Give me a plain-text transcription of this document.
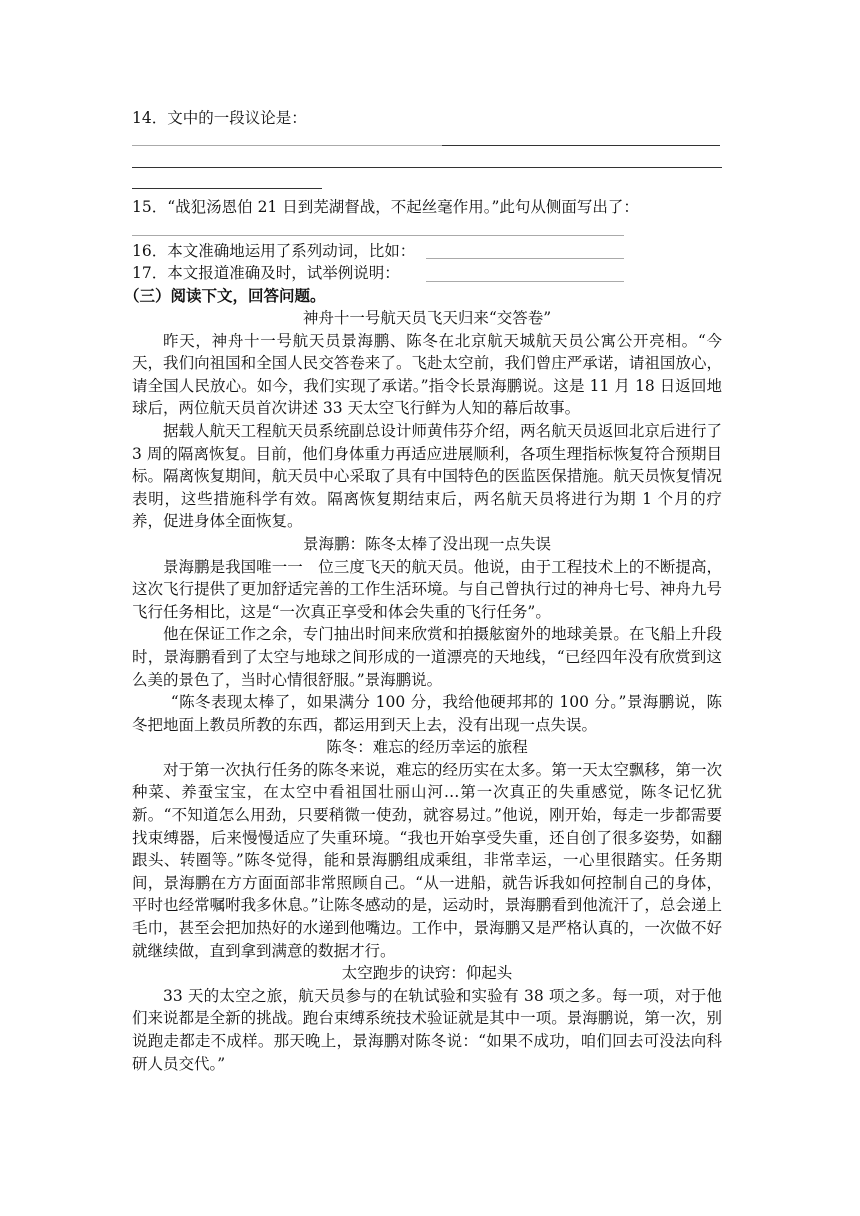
14．文中的一段议论是：
15．“战犯汤恩伯 21 日到芜湖督战，不起丝毫作用。”此句从侧面写出了：
16．本文准确地运用了系列动词，比如：
17．本文报道准确及时，试举例说明：
（三）阅读下文，回答问题。

神舟十一号航天员飞天归来“交答卷”

昨天，神舟十一号航天员景海鹏、陈冬在北京航天城航天员公寓公开亮相。“今天，我们向祖国和全国人民交答卷来了。飞赴太空前，我们曾庄严承诺，请祖国放心，请全国人民放心。如今，我们实现了承诺。”指令长景海鹏说。这是 11 月 18 日返回地球后，两位航天员首次讲述 33 天太空飞行鲜为人知的幕后故事。

据载人航天工程航天员系统副总设计师黄伟芬介绍，两名航天员返回北京后进行了 3 周的隔离恢复。目前，他们身体重力再适应进展顺利，各项生理指标恢复符合预期目标。隔离恢复期间，航天员中心采取了具有中国特色的医监医保措施。航天员恢复情况表明，这些措施科学有效。隔离恢复期结束后，两名航天员将进行为期 1 个月的疗养，促进身体全面恢复。

景海鹏：陈冬太棒了没出现一点失误

景海鹏是我国唯一一　位三度飞天的航天员。他说，由于工程技术上的不断提高，这次飞行提供了更加舒适完善的工作生活环境。与自己曾执行过的神舟七号、神舟九号飞行任务相比，这是“一次真正享受和体会失重的飞行任务”。

他在保证工作之余，专门抽出时间来欣赏和拍摄舷窗外的地球美景。在飞船上升段时，景海鹏看到了太空与地球之间形成的一道漂亮的天地线，“已经四年没有欣赏到这么美的景色了，当时心情很舒服。”景海鹏说。

“陈冬表现太棒了，如果满分 100 分，我给他硬邦邦的 100 分。”景海鹏说，陈冬把地面上教员所教的东西，都运用到天上去，没有出现一点失误。

陈冬：难忘的经历幸运的旅程

对于第一次执行任务的陈冬来说，难忘的经历实在太多。第一天太空飘移，第一次种菜、养蚕宝宝，在太空中看祖国壮丽山河…第一次真正的失重感觉，陈冬记忆犹新。“不知道怎么用劲，只要稍微一使劲，就容易过。”他说，刚开始，每走一步都需要找束缚器，后来慢慢适应了失重环境。“我也开始享受失重，还自创了很多姿势，如翻跟头、转圈等。”陈冬觉得，能和景海鹏组成乘组，非常幸运，一心里很踏实。任务期间，景海鹏在方方面面部非常照顾自己。“从一进船，就告诉我如何控制自己的身体，平时也经常嘱咐我多休息。”让陈冬感动的是，运动时，景海鹏看到他流汗了，总会递上毛巾，甚至会把加热好的水递到他嘴边。工作中，景海鹏又是严格认真的，一次做不好就继续做，直到拿到满意的数据才行。

太空跑步的诀窍：仰起头

33 天的太空之旅，航天员参与的在轨试验和实验有 38 项之多。每一项，对于他们来说都是全新的挑战。跑台束缚系统技术验证就是其中一项。景海鹏说，第一次，别说跑走都走不成样。那天晚上，景海鹏对陈冬说：“如果不成功，咱们回去可没法向科研人员交代。”
